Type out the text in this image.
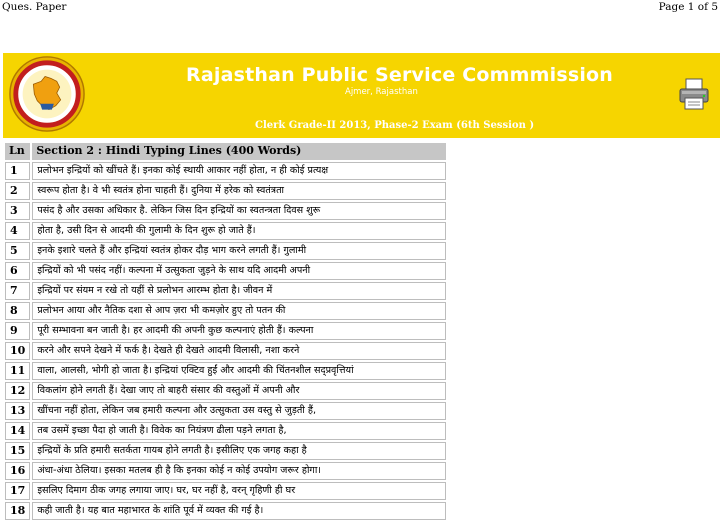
Ques. Paper	Page 1 of 5
Rajasthan Public Service Commmission
Ajmer, Rajasthan
Clerk Grade-II 2013, Phase-2 Exam (6th Session )
Ln	Section 2 : Hindi Typing Lines (400 Words)
1	प्रलोभन इन्द्रियों को खींचते हैं। इनका कोई स्थायी आकार नहीं होता, न ही कोई प्रत्यक्ष
2	स्वरूप होता है। वे भी स्वतंत्र होना चाहती हैं। दुनिया में हरेक को स्वतंत्रता
3	पसंद है और उसका अधिकार है. लेकिन जिस दिन इन्द्रियों का स्वतन्त्रता दिवस शुरू
4	होता है, उसी दिन से आदमी की गुलामी के दिन शुरू हो जाते हैं।
5	इनके इशारे चलते हैं और इन्द्रियां स्वतंत्र होकर दौड़ भाग करने लगती हैं। गुलामी
6	इन्द्रियों को भी पसंद नहीं। कल्पना में उत्सुकता जुड़ने के साथ यदि आदमी अपनी
7	इन्द्रियों पर संयम न रखे तो यहीं से प्रलोभन आरम्भ होता है। जीवन में
8	प्रलोभन आया और नैतिक दशा से आप ज़रा भी कमज़ोर हुए तो पतन की
9	पूरी सम्भावना बन जाती है। हर आदमी की अपनी कुछ कल्पनाएं होती हैं। कल्पना
10	करने और सपने देखने में फर्क है। देखते ही देखते आदमी विलासी, नशा करने
11	वाला, आलसी, भोगी हो जाता है। इन्द्रियां एक्टिव हुईं और आदमी की चिंतनशील सद्प्रवृत्तियां
12	विकलांग होने लगती हैं। देखा जाए तो बाहरी संसार की वस्तुओं में अपनी और
13	खींचना नहीं होता, लेकिन जब हमारी कल्पना और उत्सुकता उस वस्तु से जुड़ती हैं,
14	तब उसमें इच्छा पैदा हो जाती है। विवेक का नियंत्रण ढीला पड़ने लगता है,
15	इन्द्रियों के प्रति हमारी सतर्कता गायब होने लगती है। इसीलिए एक जगह कहा है
16	अंधा-अंधा ठेलिया। इसका मतलब ही है कि इनका कोई न कोई उपयोग जरूर होगा।
17	इसलिए दिमाग ठीक जगह लगाया जाए। घर, घर नहीं है, वरन् गृहिणी ही घर
18	कही जाती है। यह बात महाभारत के शांति पूर्व में व्यक्त की गई है।
